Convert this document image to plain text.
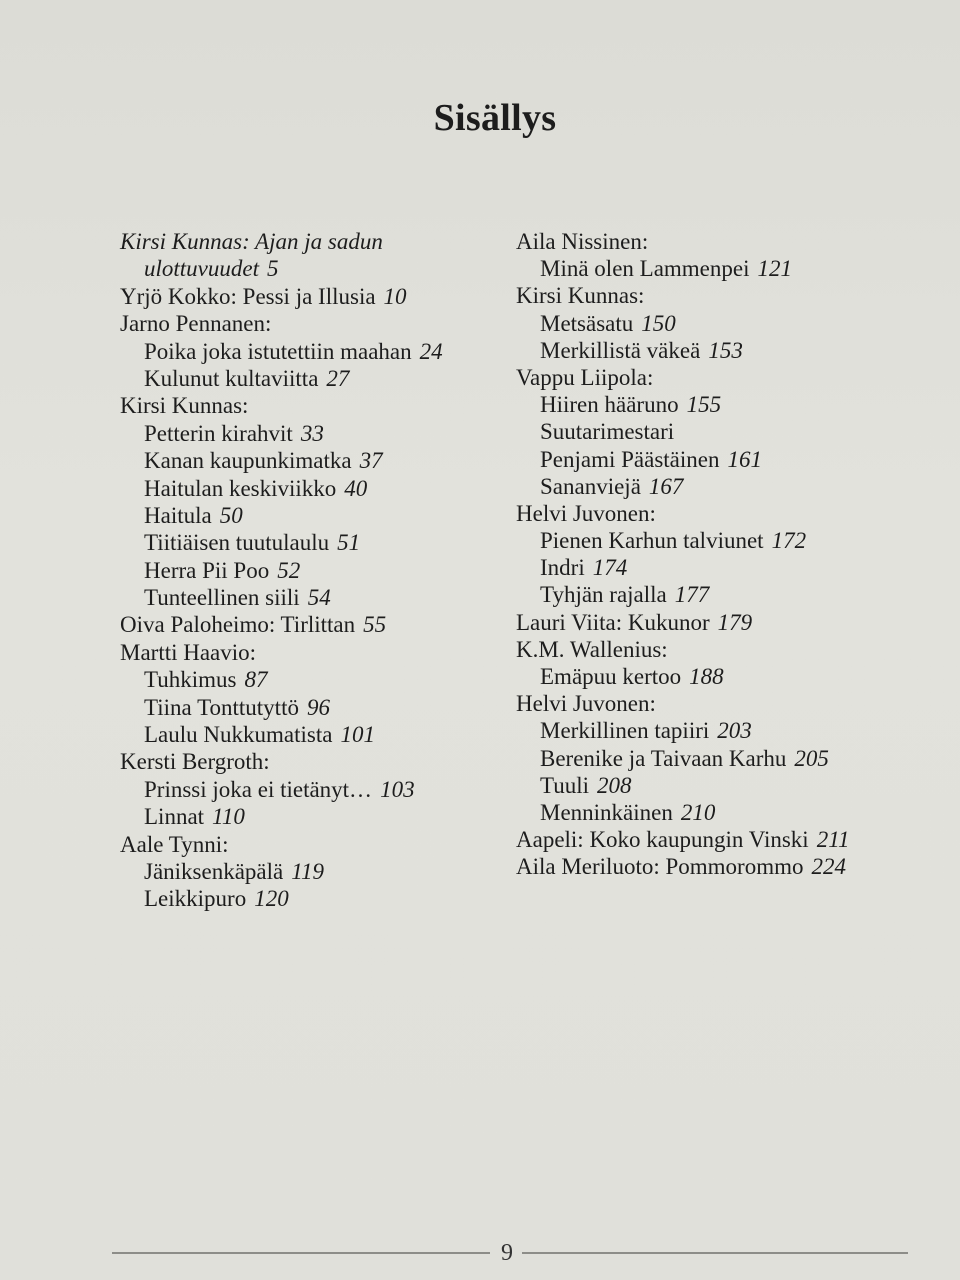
Sisällys
Kirsi Kunnas: Ajan ja sadun
ulottuvuudet 5
Yrjö Kokko: Pessi ja Illusia 10
Jarno Pennanen:
Poika joka istutettiin maahan 24
Kulunut kultaviitta 27
Kirsi Kunnas:
Petterin kirahvit 33
Kanan kaupunkimatka 37
Haitulan keskiviikko 40
Haitula 50
Tiitiäisen tuutulaulu 51
Herra Pii Poo 52
Tunteellinen siili 54
Oiva Paloheimo: Tirlittan 55
Martti Haavio:
Tuhkimus 87
Tiina Tonttutyttö 96
Laulu Nukkumatista 101
Kersti Bergroth:
Prinssi joka ei tietänyt… 103
Linnat 110
Aale Tynni:
Jäniksenkäpälä 119
Leikkipuro 120
Aila Nissinen:
Minä olen Lammenpei 121
Kirsi Kunnas:
Metsäsatu 150
Merkillistä väkeä 153
Vappu Liipola:
Hiiren hääruno 155
Suutarimestari
Penjami Päästäinen 161
Sananviejä 167
Helvi Juvonen:
Pienen Karhun talviunet 172
Indri 174
Tyhjän rajalla 177
Lauri Viita: Kukunor 179
K.M. Wallenius:
Emäpuu kertoo 188
Helvi Juvonen:
Merkillinen tapiiri 203
Berenike ja Taivaan Karhu 205
Tuuli 208
Menninkäinen 210
Aapeli: Koko kaupungin Vinski 211
Aila Meriluoto: Pommorommo 224
9
